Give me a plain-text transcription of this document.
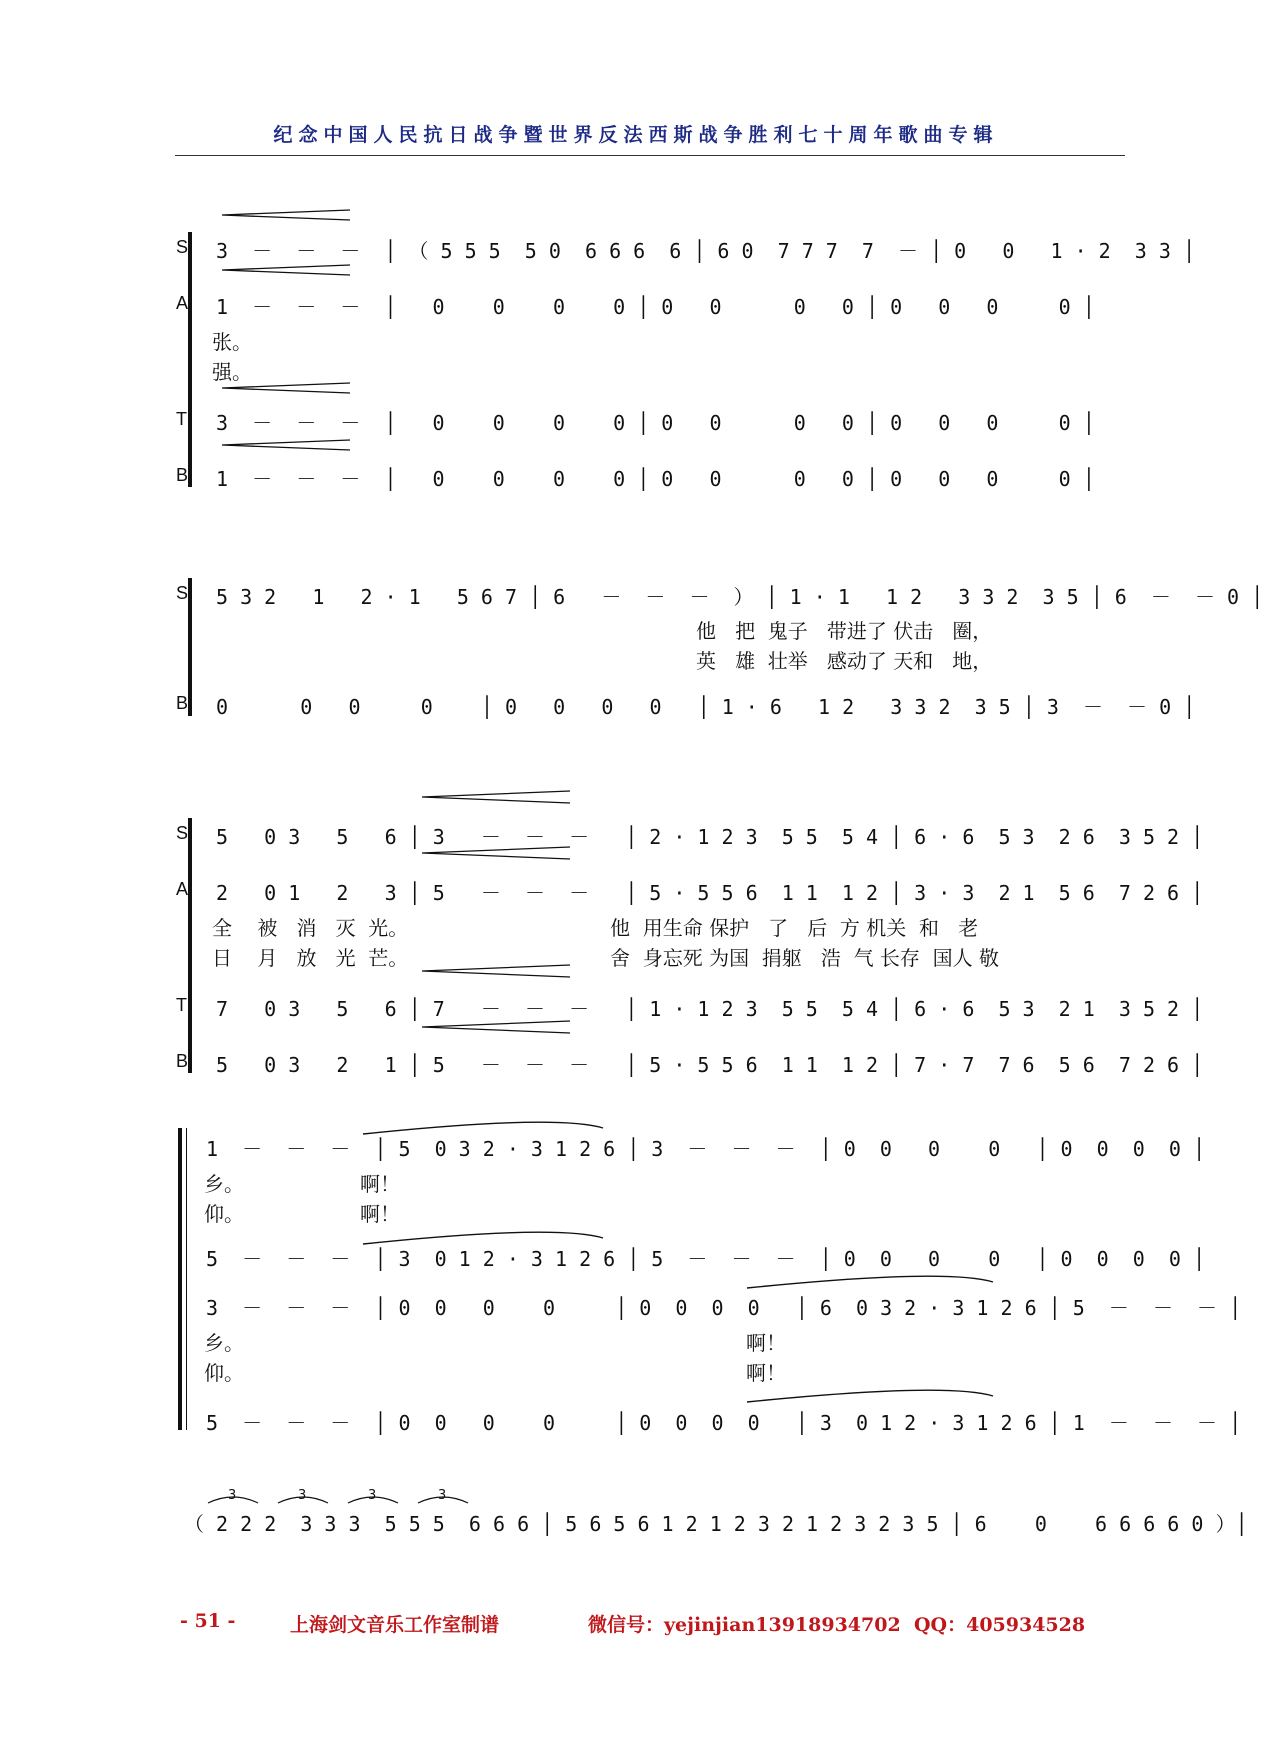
纪念中国人民抗日战争暨世界反法西斯战争胜利七十周年歌曲专辑
S
A
T
B
3  －  －  －  │ （ 5 5 5  5 0  6 6 6  6 │ 6 0  7 7 7  7  － │ 0   0   1 · 2  3 3 │
1  －  －  －  │   0    0    0    0 │ 0   0      0   0 │ 0   0   0     0 │
张。
强。
3  －  －  －  │   0    0    0    0 │ 0   0      0   0 │ 0   0   0     0 │
1  －  －  －  │   0    0    0    0 │ 0   0      0   0 │ 0   0   0     0 │
S
B
5 3 2   1   2 · 1   5 6 7 │ 6   －  －  －  ） │ 1 · 1   1 2   3 3 2  3 5 │ 6  －  － 0 │
他   把  鬼子   带进了 伏击   圈，
英   雄  壮举   感动了 天和   地，
0      0   0     0    │ 0   0   0   0   │ 1 · 6   1 2   3 3 2  3 5 │ 3  －  － 0 │
S
A
T
B
5   0 3   5   6 │ 3   －  －  －   │ 2 · 1 2 3  5 5  5 4 │ 6 · 6  5 3  2 6  3 5 2 │
2   0 1   2   3 │ 5   －  －  －   │ 5 · 5 5 6  1 1  1 2 │ 3 · 3  2 1  5 6  7 2 6 │
全    被   消   灭  光。
日    月   放   光  芒。
他  用生命 保护   了   后  方 机关  和   老
舍  身忘死 为国  捐躯   浩  气 长存  国人 敬
7   0 3   5   6 │ 7   －  －  －   │ 1 · 1 2 3  5 5  5 4 │ 6 · 6  5 3  2 1  3 5 2 │
5   0 3   2   1 │ 5   －  －  －   │ 5 · 5 5 6  1 1  1 2 │ 7 · 7  7 6  5 6  7 2 6 │
1  －  －  －  │ 5  0 3 2 · 3 1 2 6 │ 3  －  －  －  │ 0  0   0    0   │ 0  0  0  0 │
乡。
仰。
啊！
啊！
5  －  －  －  │ 3  0 1 2 · 3 1 2 6 │ 5  －  －  －  │ 0  0   0    0   │ 0  0  0  0 │
3  －  －  －  │ 0  0   0    0     │ 0  0  0  0   │ 6  0 3 2 · 3 1 2 6 │ 5  －  －  － │
乡。
仰。
啊！
啊！
5  －  －  －  │ 0  0   0    0     │ 0  0  0  0   │ 3  0 1 2 · 3 1 2 6 │ 1  －  －  － │
3	3	3	3
（ 2 2 2  3 3 3  5 5 5  6 6 6 │ 5 6 5 6 1 2 1 2 3 2 1 2 3 2 3 5 │ 6    0    6 6 6 6 0 ）│
- 51 -	上海剑文音乐工作室制谱	微信号：yejinjian13918934702 QQ：405934528
